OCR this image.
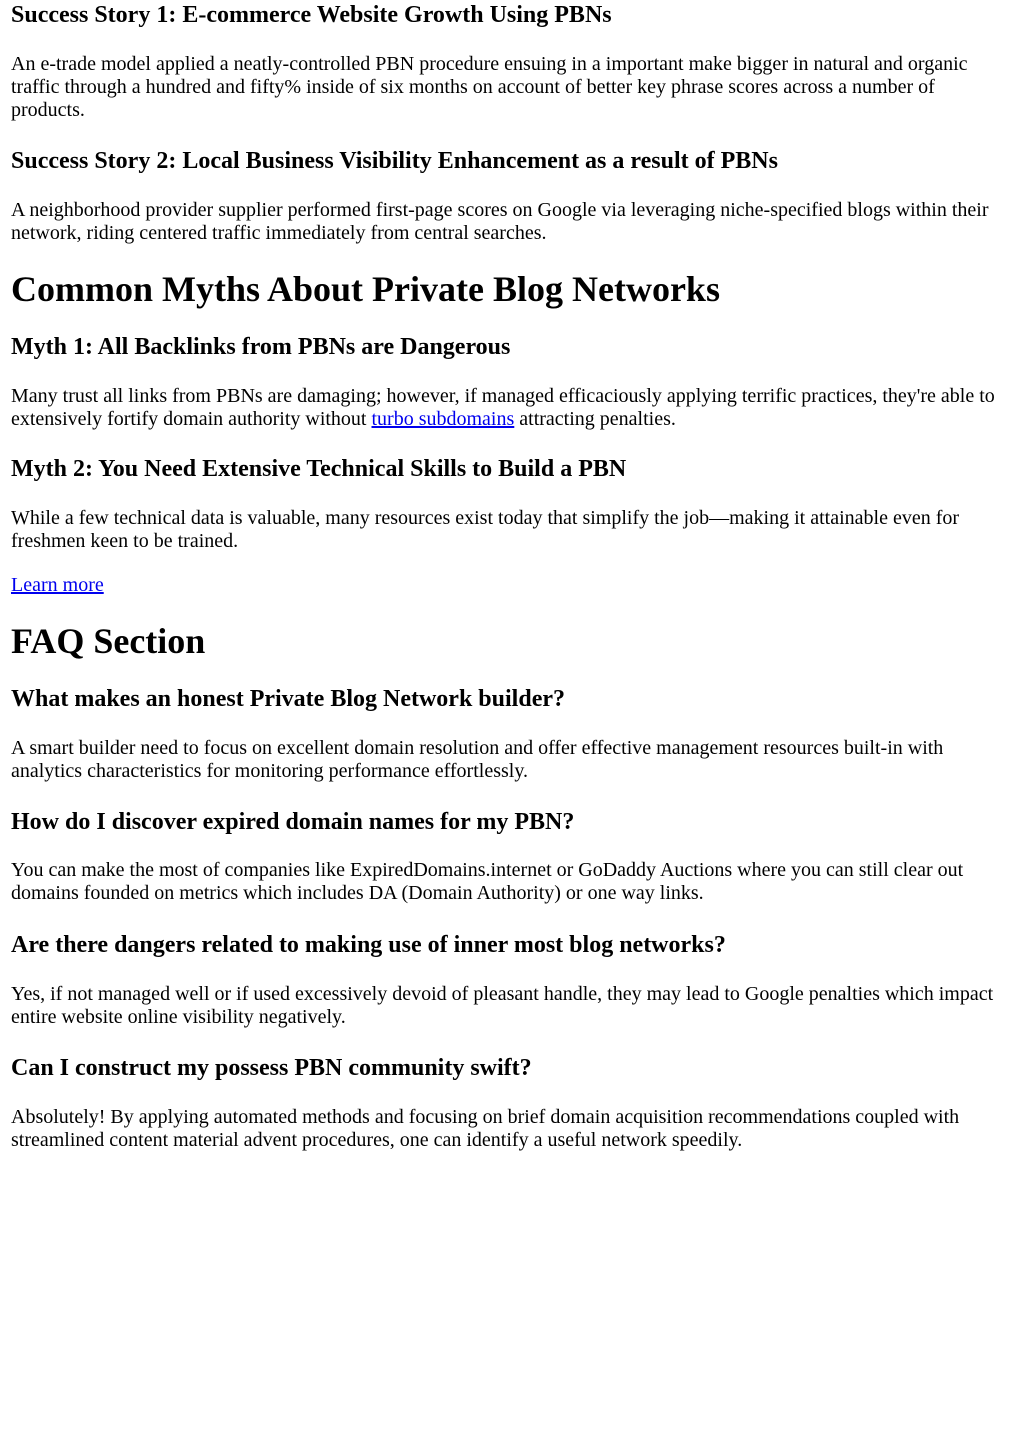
Success Story 1: E-commerce Website Growth Using PBNs

An e-trade model applied a neatly-controlled PBN procedure ensuing in a important make bigger in natural and organic traffic through a hundred and fifty% inside of six months on account of better key phrase scores across a number of products.

Success Story 2: Local Business Visibility Enhancement as a result of PBNs

A neighborhood provider supplier performed first-page scores on Google via leveraging niche-specified blogs within their network, riding centered traffic immediately from central searches.

Common Myths About Private Blog Networks
Myth 1: All Backlinks from PBNs are Dangerous

Many trust all links from PBNs are damaging; however, if managed efficaciously applying terrific practices, they're able to extensively fortify domain authority without turbo subdomains attracting penalties.

Myth 2: You Need Extensive Technical Skills to Build a PBN

While a few technical data is valuable, many resources exist today that simplify the job—making it attainable even for freshmen keen to be trained.

Learn more

FAQ Section
What makes an honest Private Blog Network builder?

A smart builder need to focus on excellent domain resolution and offer effective management resources built-in with analytics characteristics for monitoring performance effortlessly.

How do I discover expired domain names for my PBN?

You can make the most of companies like ExpiredDomains.internet or GoDaddy Auctions where you can still clear out domains founded on metrics which includes DA (Domain Authority) or one way links.

Are there dangers related to making use of inner most blog networks?

Yes, if not managed well or if used excessively devoid of pleasant handle, they may lead to Google penalties which impact entire website online visibility negatively.

Can I construct my possess PBN community swift?

Absolutely! By applying automated methods and focusing on brief domain acquisition recommendations coupled with streamlined content material advent procedures, one can identify a useful network speedily.
